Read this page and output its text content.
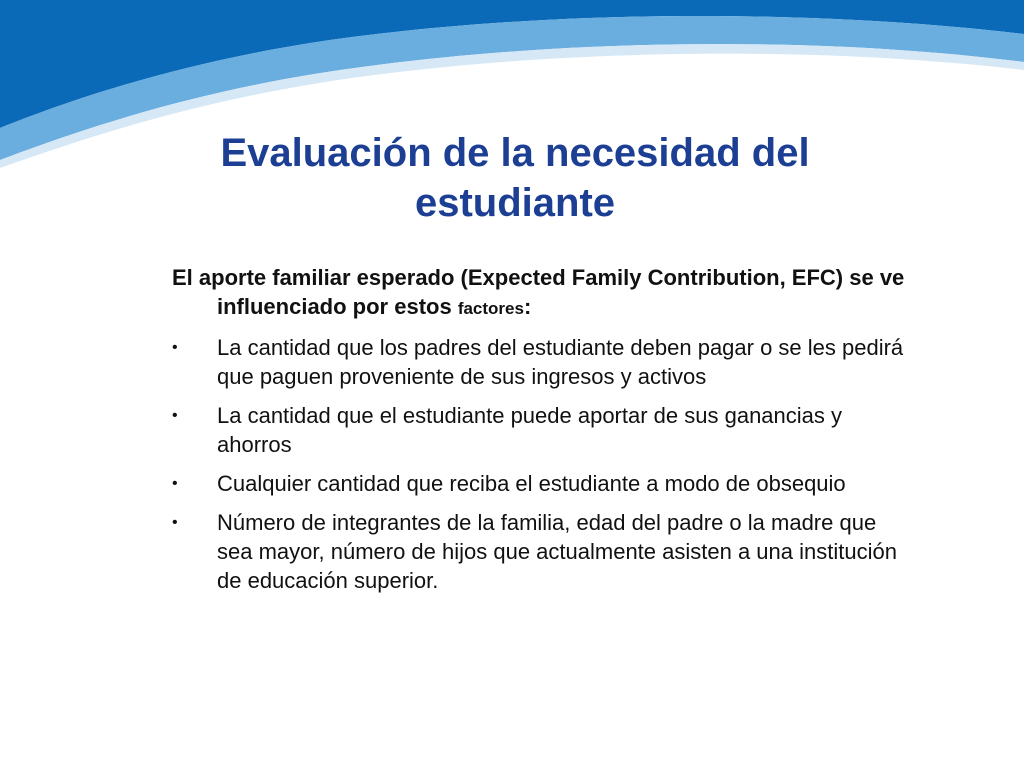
Evaluación de la necesidad del estudiante

El aporte familiar esperado (Expected Family Contribution, EFC) se ve influenciado por estos factores:

• La cantidad que los padres del estudiante deben pagar o se les pedirá que paguen proveniente de sus ingresos y activos
• La cantidad que el estudiante puede aportar de sus ganancias y ahorros
• Cualquier cantidad que reciba el estudiante a modo de obsequio
• Número de integrantes de la familia, edad del padre o la madre que sea mayor, número de hijos que actualmente asisten a una institución de educación superior.
